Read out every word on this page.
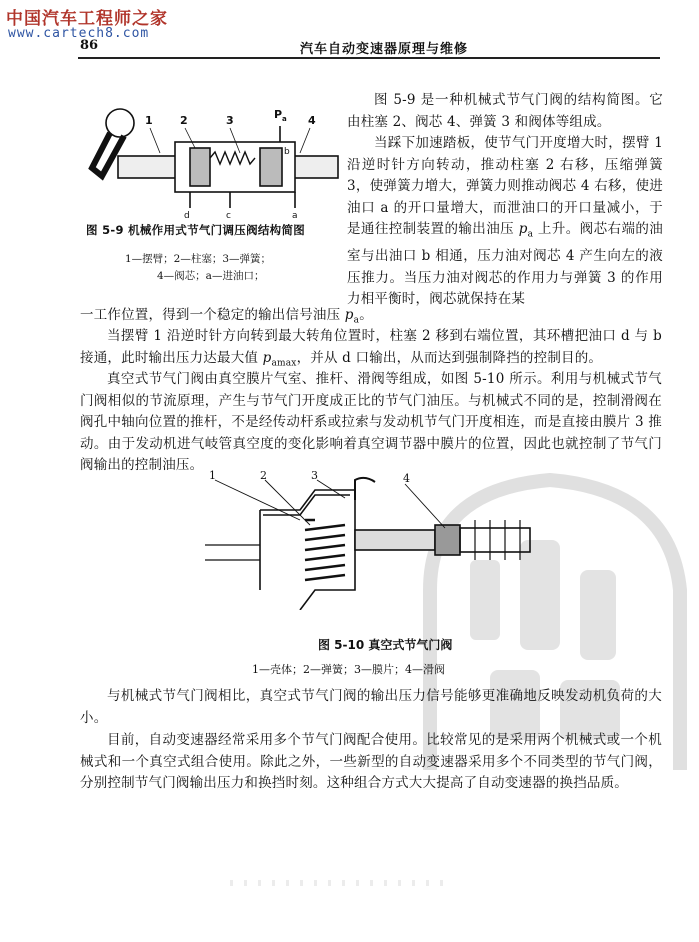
中国汽车工程师之家
www.cartech8.com
86	汽车自动变速器原理与维修
1 2	3	4
P a
b
d	c	a
图 5-9 机械作用式节气门调压阀结构简图
1—摆臂；2—柱塞；3—弹簧；
4—阀芯；a—进油口；
图 5-9 是一种机械式节气门阀的结构简图。它由柱塞 2、阀芯 4、弹簧 3 和阀体等组成。
当踩下加速踏板，使节气门开度增大时，摆臂 1 沿逆时针方向转动，推动柱塞 2 右移，压缩弹簧 3，使弹簧力增大，弹簧力则推动阀芯 4 右移，使进油口 a 的开口量增大，而泄油口的开口量减小，于是通往控制装置的输出油压 $p_a$ 上升。阀芯右端的油室与出油口 b 相通，压力油对阀芯 4 产生向左的液压推力。当压力油对阀芯的作用力与弹簧 3 的作用力相平衡时，阀芯就保持在某
一工作位置，得到一个稳定的输出信号油压 $p_a$。
当摆臂 1 沿逆时针方向转到最大转角位置时，柱塞 2 移到右端位置，其环槽把油口 d 与 b 接通，此时输出压力达最大值 $p_{amax}$，并从 d 口输出，从而达到强制降挡的控制目的。
真空式节气门阀由真空膜片气室、推杆、滑阀等组成，如图 5-10 所示。利用与机械式节气门阀相似的节流原理，产生与节气门开度成正比的节气门油压。与机械式不同的是，控制滑阀在阀孔中轴向位置的推杆，不是经传动杆系或拉索与发动机节气门开度相连，而是直接由膜片 3 推动。由于发动机进气岐管真空度的变化影响着真空调节器中膜片的位置，因此也就控制了节气门阀输出的控制油压。
1	2	3	4
图 5-10 真空式节气门阀
1—壳体；2—弹簧；3—膜片；4—滑阀
与机械式节气门阀相比，真空式节气门阀的输出压力信号能够更准确地反映发动机负荷的大小。
目前，自动变速器经常采用多个节气门阀配合使用。比较常见的是采用两个机械式或一个机械式和一个真空式组合使用。除此之外，一些新型的自动变速器采用多个不同类型的节气门阀，分别控制节气门阀输出压力和换挡时刻。这种组合方式大大提高了自动变速器的换挡品质。
